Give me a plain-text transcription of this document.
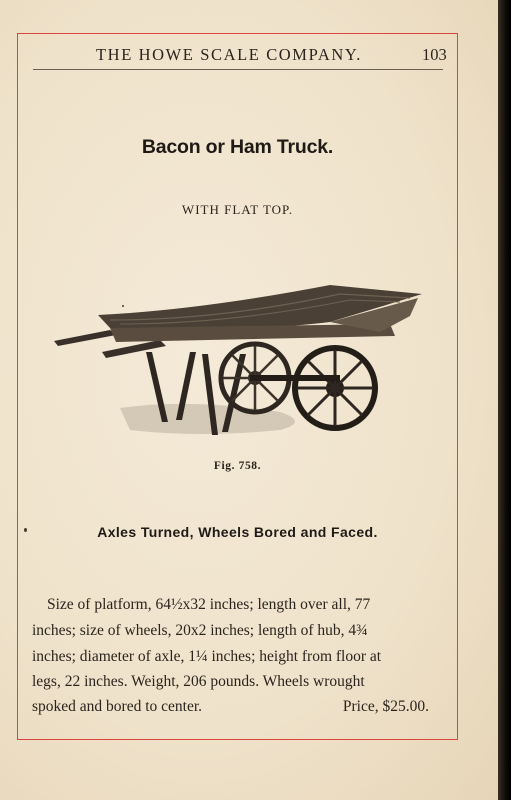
THE HOWE SCALE COMPANY.	103
Bacon or Ham Truck.
WITH FLAT TOP.
Fig. 758.
Axles Turned, Wheels Bored and Faced.
Size of platform, 64½x32 inches; length over all, 77
inches; size of wheels, 20x2 inches; length of hub, 4¾
inches; diameter of axle, 1¼ inches; height from floor at
legs, 22 inches. Weight, 206 pounds. Wheels wrought
spoked and bored to center.	Price, $25.00.
